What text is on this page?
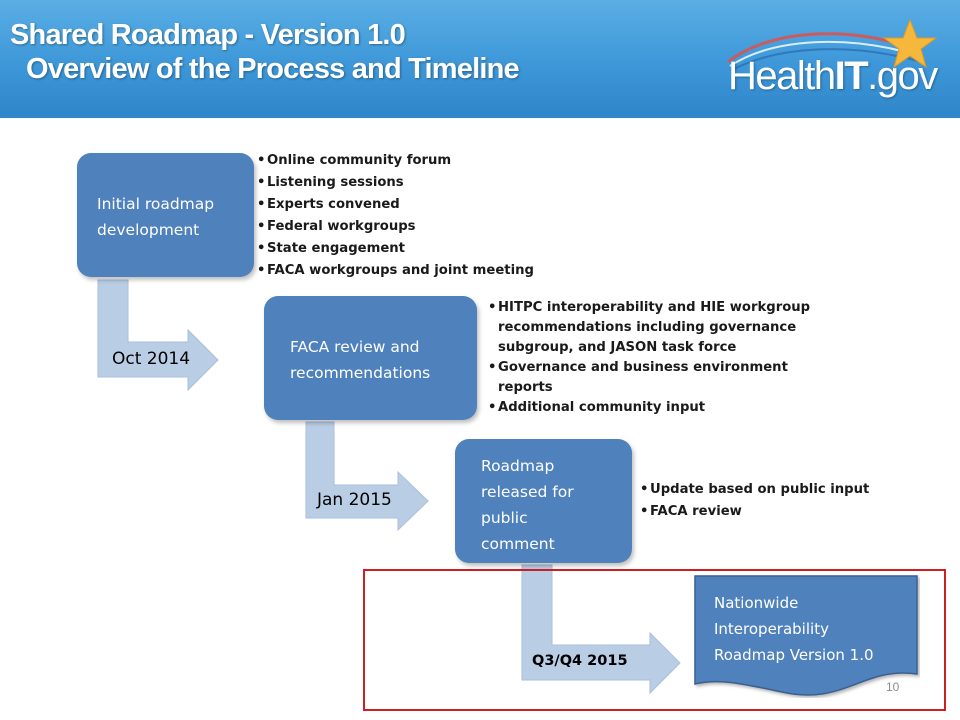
Shared Roadmap - Version 1.0
Overview of the Process and Timeline	HealthIT.gov
Initial roadmap
development
FACA review and
recommendations
Roadmap
released for
public
comment
Oct 2014
Jan 2015
Q3/Q4 2015
• Online community forum
• Listening sessions
• Experts convened
• Federal workgroups
• State engagement
• FACA workgroups and joint meeting
• HITPC interoperability and HIE workgroup
recommendations including governance
subgroup, and JASON task force
• Governance and business environment
reports
• Additional community input
• Update based on public input
• FACA review
Nationwide
Interoperability
Roadmap Version 1.0
10
